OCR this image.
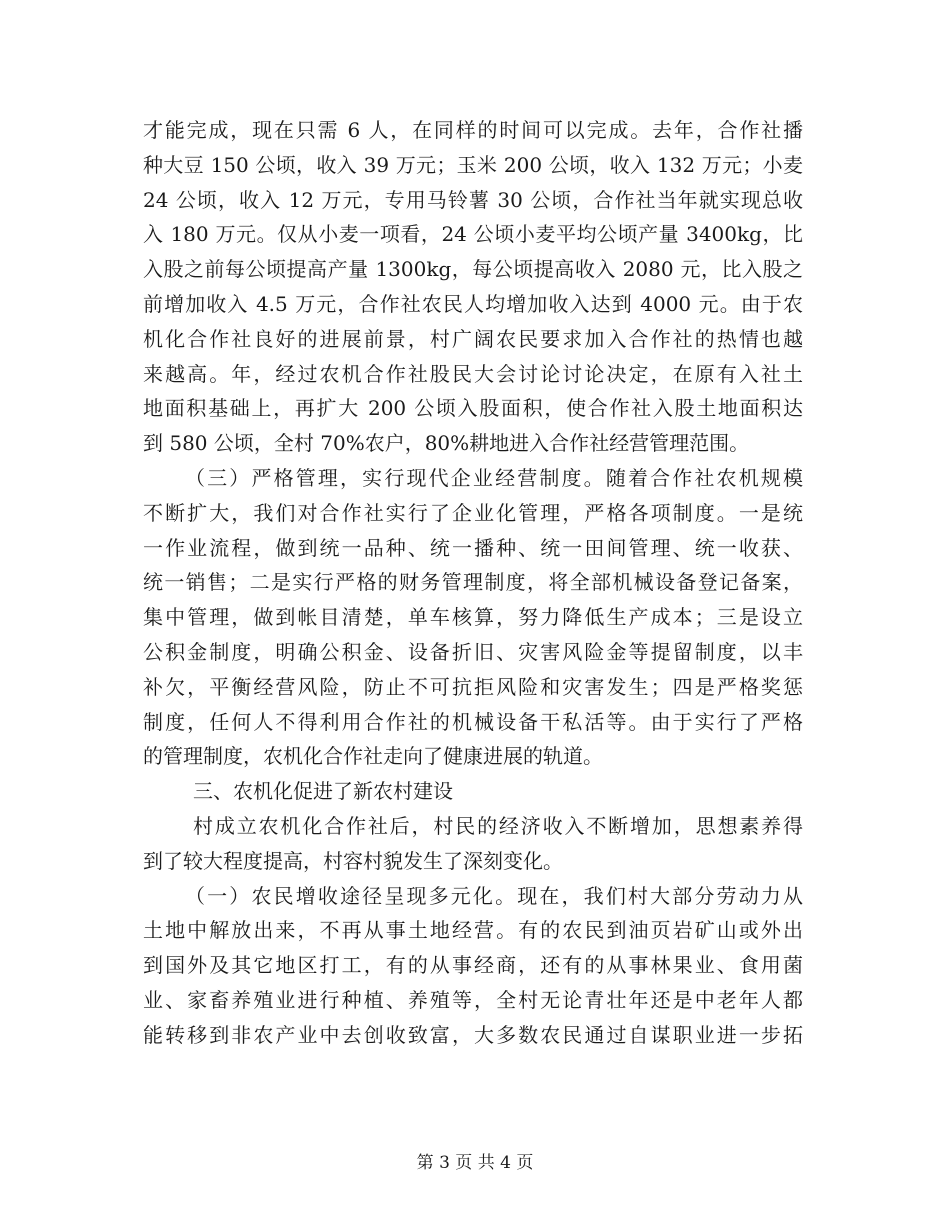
才能完成，现在只需 6 人，在同样的时间可以完成。去年，合作社播
种大豆 150 公顷，收入 39 万元；玉米 200 公顷，收入 132 万元；小麦
24 公顷，收入 12 万元，专用马铃薯 30 公顷，合作社当年就实现总收
入 180 万元。仅从小麦一项看，24 公顷小麦平均公顷产量 3400kg，比
入股之前每公顷提高产量 1300kg，每公顷提高收入 2080 元，比入股之
前增加收入 4.5 万元，合作社农民人均增加收入达到 4000 元。由于农
机化合作社良好的进展前景，村广阔农民要求加入合作社的热情也越
来越高。年，经过农机合作社股民大会讨论讨论决定，在原有入社土
地面积基础上，再扩大 200 公顷入股面积，使合作社入股土地面积达
到 580 公顷，全村 70%农户，80%耕地进入合作社经营管理范围。
（三）严格管理，实行现代企业经营制度。随着合作社农机规模
不断扩大，我们对合作社实行了企业化管理，严格各项制度。一是统
一作业流程，做到统一品种、统一播种、统一田间管理、统一收获、
统一销售；二是实行严格的财务管理制度，将全部机械设备登记备案，
集中管理，做到帐目清楚，单车核算，努力降低生产成本；三是设立
公积金制度，明确公积金、设备折旧、灾害风险金等提留制度，以丰
补欠，平衡经营风险，防止不可抗拒风险和灾害发生；四是严格奖惩
制度，任何人不得利用合作社的机械设备干私活等。由于实行了严格
的管理制度，农机化合作社走向了健康进展的轨道。
三、农机化促进了新农村建设
村成立农机化合作社后，村民的经济收入不断增加，思想素养得
到了较大程度提高，村容村貌发生了深刻变化。
（一）农民增收途径呈现多元化。现在，我们村大部分劳动力从
土地中解放出来，不再从事土地经营。有的农民到油页岩矿山或外出
到国外及其它地区打工，有的从事经商，还有的从事林果业、食用菌
业、家畜养殖业进行种植、养殖等，全村无论青壮年还是中老年人都
能转移到非农产业中去创收致富，大多数农民通过自谋职业进一步拓
第 3 页 共 4 页
